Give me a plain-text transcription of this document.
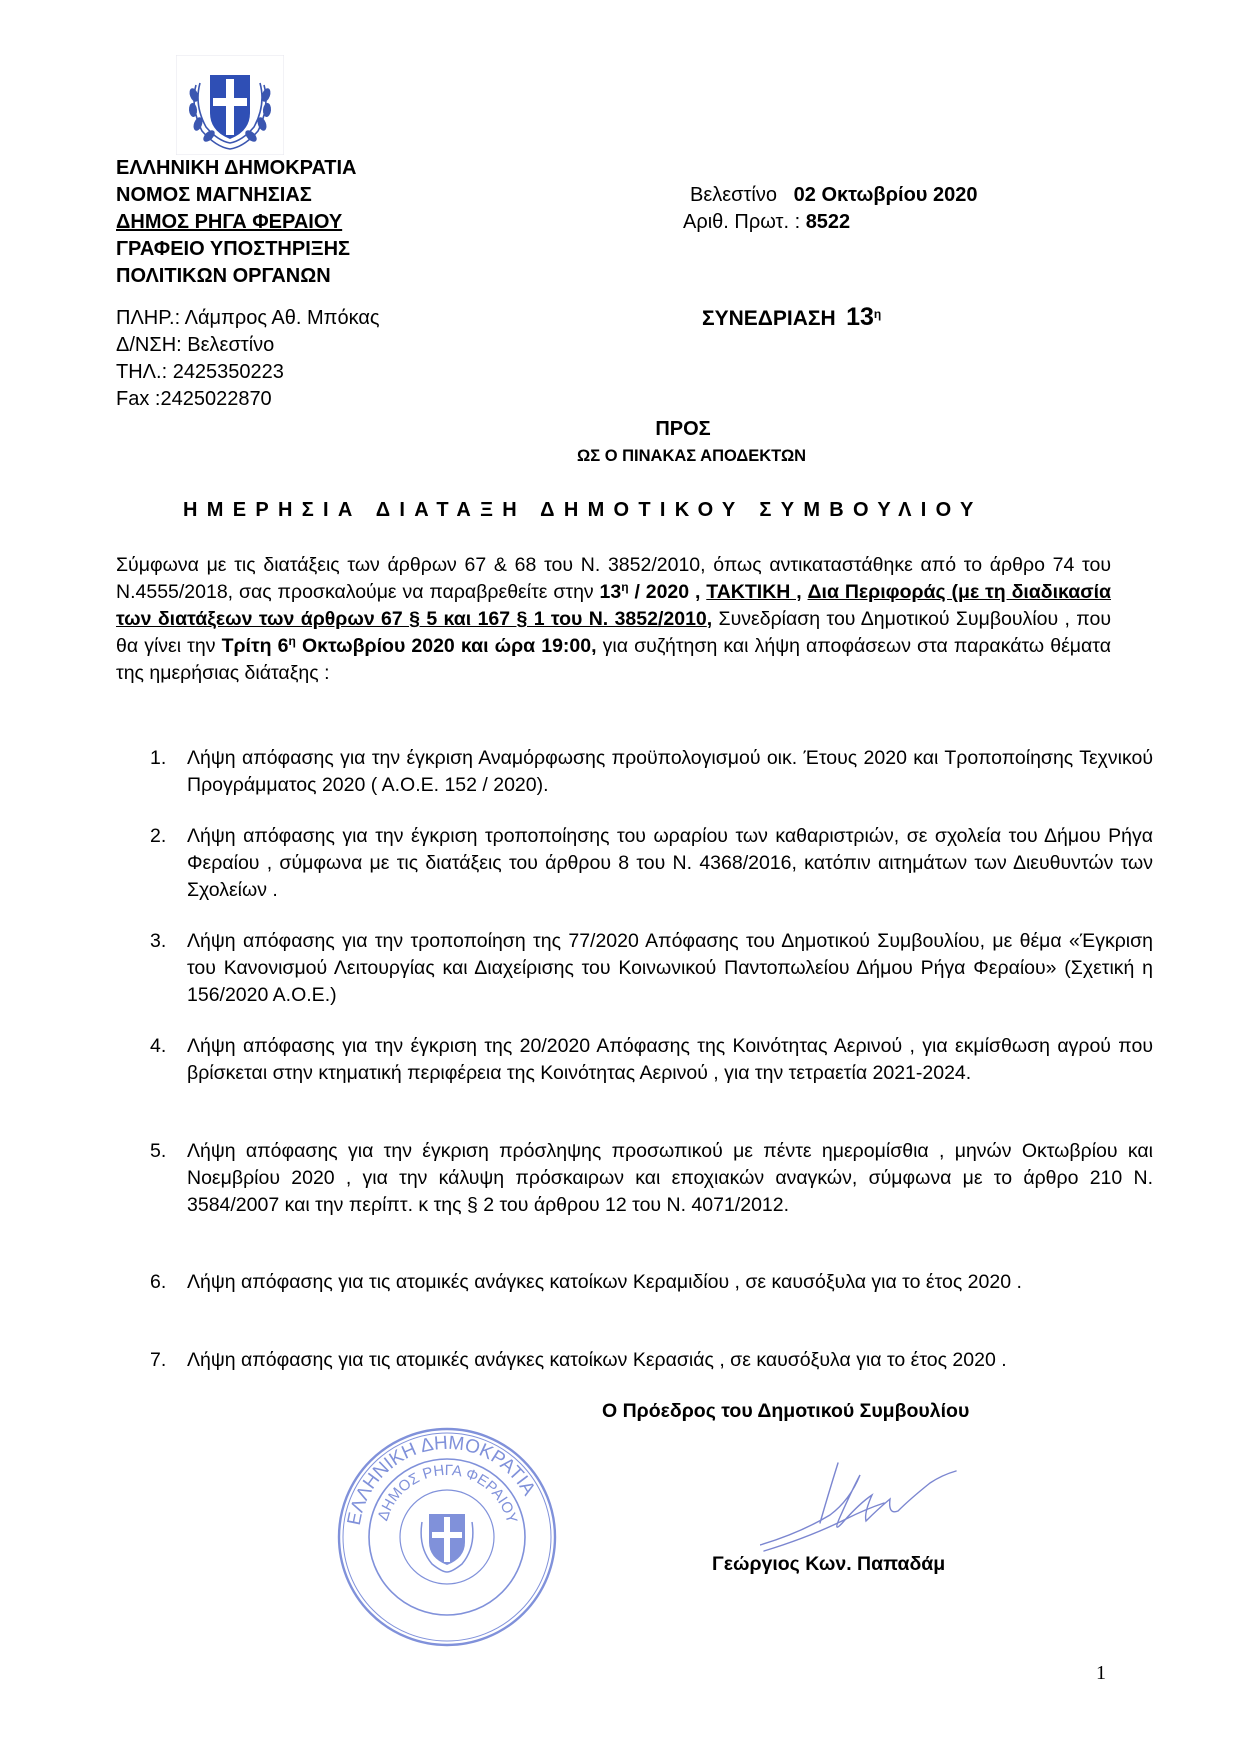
ΕΛΛΗΝΙΚΗ ΔΗΜΟΚΡΑΤΙΑ
ΝΟΜΟΣ ΜΑΓΝΗΣΙΑΣ
ΔΗΜΟΣ ΡΗΓΑ ΦΕΡΑΙΟΥ
ΓΡΑΦΕΙΟ ΥΠΟΣΤΗΡΙΞΗΣ
ΠΟΛΙΤΙΚΩΝ ΟΡΓΑΝΩΝ
Βελεστίνο 02 Οκτωβρίου 2020
Αριθ. Πρωτ. : 8522
ΠΛΗΡ.: Λάμπρος Αθ. Μπόκας
Δ/ΝΣΗ: Βελεστίνο
ΤΗΛ.: 2425350223
Fax :2425022870
ΣΥΝΕΔΡΙΑΣΗ $13^\eta$
ΠΡΟΣ
ΩΣ Ο ΠΙΝΑΚΑΣ ΑΠΟΔΕΚΤΩΝ
ΗΜΕΡΗΣΙΑ ΔΙΑΤΑΞΗ ΔΗΜΟΤΙΚΟΥ ΣΥΜΒΟΥΛΙΟΥ
Σύμφωνα με τις διατάξεις των άρθρων 67 & 68 του Ν. 3852/2010, όπως αντικαταστάθηκε από το άρθρο 74 του Ν.4555/2018, σας προσκαλούμε να παραβρεθείτε στην $13^\eta / 2020$ , ΤΑΚΤΙΚΗ , Δια Περιφοράς (με τη διαδικασία των διατάξεων των άρθρων 67 § 5 και 167 § 1 του Ν. 3852/2010, Συνεδρίαση του Δημοτικού Συμβουλίου , που θα γίνει την Τρίτη $6^\eta$ Οκτωβρίου 2020 και ώρα 19:00, για συζήτηση και λήψη αποφάσεων στα παρακάτω θέματα της ημερήσιας διάταξης :
1. Λήψη απόφασης για την έγκριση Αναμόρφωσης προϋπολογισμού οικ. Έτους 2020 και Τροποποίησης Τεχνικού Προγράμματος 2020 ( Α.Ο.Ε. 152 / 2020).
2. Λήψη απόφασης για την έγκριση τροποποίησης του ωραρίου των καθαριστριών, σε σχολεία του Δήμου Ρήγα Φεραίου , σύμφωνα με τις διατάξεις του άρθρου 8 του Ν. 4368/2016, κατόπιν αιτημάτων των Διευθυντών των Σχολείων .
3. Λήψη απόφασης για την τροποποίηση της 77/2020 Απόφασης του Δημοτικού Συμβουλίου, με θέμα «Έγκριση του Κανονισμού Λειτουργίας και Διαχείρισης του Κοινωνικού Παντοπωλείου Δήμου Ρήγα Φεραίου» (Σχετική η 156/2020 Α.Ο.Ε.)
4. Λήψη απόφασης για την έγκριση της 20/2020 Απόφασης της Κοινότητας Αερινού , για εκμίσθωση αγρού που βρίσκεται στην κτηματική περιφέρεια της Κοινότητας Αερινού , για την τετραετία 2021-2024.
5. Λήψη απόφασης για την έγκριση πρόσληψης προσωπικού με πέντε ημερομίσθια , μηνών Οκτωβρίου και Νοεμβρίου 2020 , για την κάλυψη πρόσκαιρων και εποχιακών αναγκών, σύμφωνα με το άρθρο 210 Ν. 3584/2007 και την περίπτ. κ της § 2 του άρθρου 12 του Ν. 4071/2012.
6. Λήψη απόφασης για τις ατομικές ανάγκες κατοίκων Κεραμιδίου , σε καυσόξυλα για το έτος 2020 .
7. Λήψη απόφασης για τις ατομικές ανάγκες κατοίκων Κερασιάς , σε καυσόξυλα για το έτος 2020 .
Ο Πρόεδρος του Δημοτικού Συμβουλίου
Γεώργιος Κων. Παπαδάμ
ΕΛΛΗΝΙΚΗ ΔΗΜΟΚΡΑΤΙΑ
ΔΗΜΟΣ ΡΗΓΑ ΦΕΡΑΙΟΥ
1
